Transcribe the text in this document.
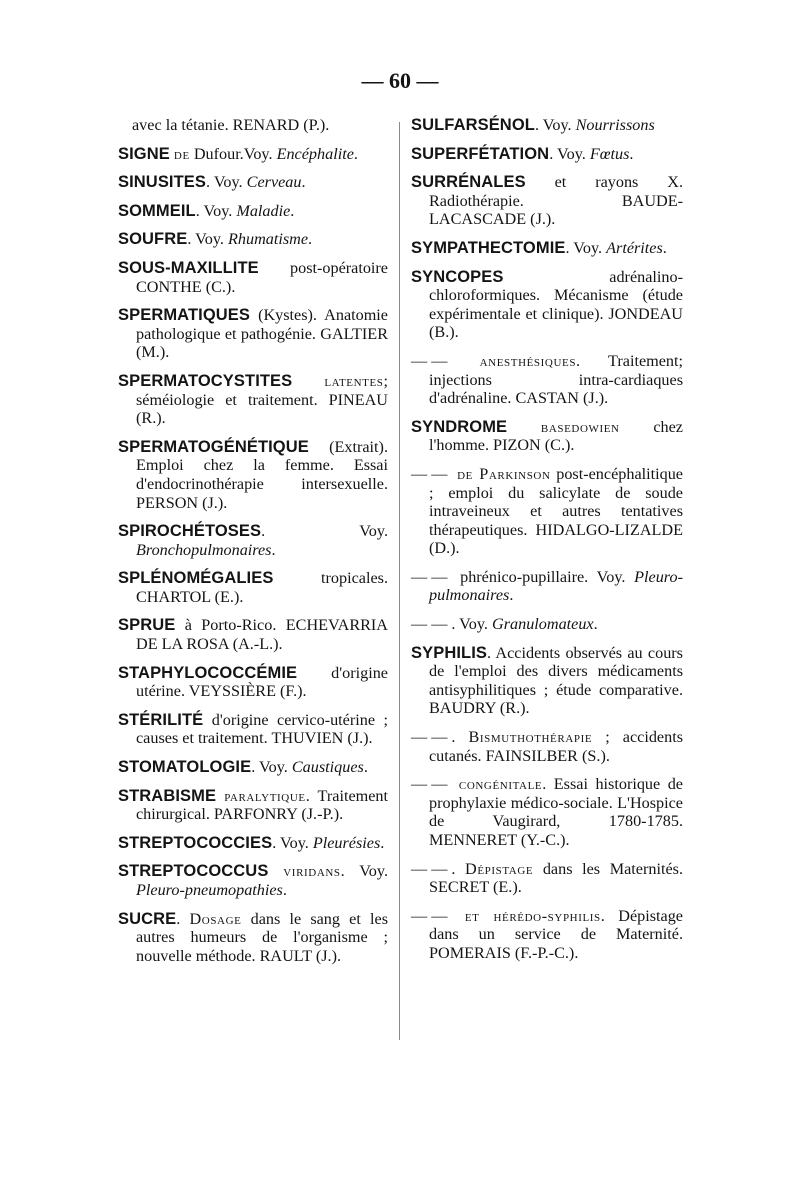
— 60 —

avec la tétanie. RENARD (P.).

SIGNE de Dufour.Voy. Encéphalite.

SINUSITES. Voy. Cerveau.

SOMMEIL. Voy. Maladie.

SOUFRE. Voy. Rhumatisme.

SOUS-MAXILLITE post-opératoire CONTHE (C.).

SPERMATIQUES (Kystes). Anatomie pathologique et pathogénie. GALTIER (M.).

SPERMATOCYSTITES latentes; séméiologie et traitement. PINEAU (R.).

SPERMATOGÉNÉTIQUE (Extrait). Emploi chez la femme. Essai d'endocrinothérapie intersexuelle. PERSON (J.).

SPIROCHÉTOSES. Voy. Bronchopulmonaires.

SPLÉNOMÉGALIES tropicales. CHARTOL (E.).

SPRUE à Porto-Rico. ECHEVARRIA DE LA ROSA (A.-L.).

STAPHYLOCOCCÉMIE d'origine utérine. VEYSSIÈRE (F.).

STÉRILITÉ d'origine cervico-utérine ; causes et traitement. THUVIEN (J.).

STOMATOLOGIE. Voy. Caustiques.

STRABISME paralytique. Traitement chirurgical. PARFONRY (J.-P.).

STREPTOCOCCIES. Voy. Pleurésies.

STREPTOCOCCUS viridans. Voy. Pleuro-pneumopathies.

SUCRE. Dosage dans le sang et les autres humeurs de l'organisme ; nouvelle méthode. RAULT (J.).

SULFARSÉNOL. Voy. Nourrissons

SUPERFÉTATION. Voy. Fœtus.

SURRÉNALES et rayons X. Radiothérapie. BAUDE-LACASCADE (J.).

SYMPATHECTOMIE. Voy. Artérites.

SYNCOPES adrénalino-chloroformiques. Mécanisme (étude expérimentale et clinique). JONDEAU (B.).

—— anesthésiques. Traitement; injections intra-cardiaques d'adrénaline. CASTAN (J.).

SYNDROME basedowien chez l'homme. PIZON (C.).

—— de Parkinson post-encéphalitique ; emploi du salicylate de soude intraveineux et autres tentatives thérapeutiques. HIDALGO-LIZALDE (D.).

—— phrénico-pupillaire. Voy. Pleuro-pulmonaires.

——. Voy. Granulomateux.

SYPHILIS. Accidents observés au cours de l'emploi des divers médicaments antisyphilitiques ; étude comparative. BAUDRY (R.).

——. Bismuthothérapie ; accidents cutanés. FAINSILBER (S.).

—— congénitale. Essai historique de prophylaxie médico-sociale. L'Hospice de Vaugirard, 1780-1785. MENNERET (Y.-C.).

——. Dépistage dans les Maternités. SECRET (E.).

—— et hérédo-syphilis. Dépistage dans un service de Maternité. POMERAIS (F.-P.-C.).
